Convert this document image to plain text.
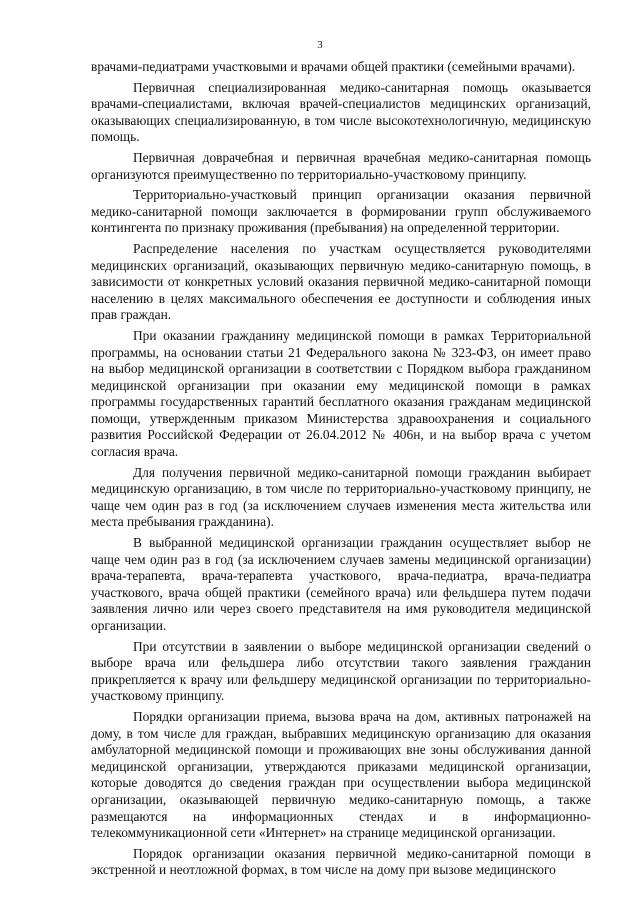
3

врачами-педиатрами участковыми и врачами общей практики (семейными врачами).

Первичная специализированная медико-санитарная помощь оказывается врачами-специалистами, включая врачей-специалистов медицинских организаций, оказывающих специализированную, в том числе высокотехнологичную, медицинскую помощь.

Первичная доврачебная и первичная врачебная медико-санитарная помощь организуются преимущественно по территориально-участковому принципу.

Территориально-участковый принцип организации оказания первичной медико-санитарной помощи заключается в формировании групп обслуживаемого контингента по признаку проживания (пребывания) на определенной территории.

Распределение населения по участкам осуществляется руководителями медицинских организаций, оказывающих первичную медико-санитарную помощь, в зависимости от конкретных условий оказания первичной медико-санитарной помощи населению в целях максимального обеспечения ее доступности и соблюдения иных прав граждан.

При оказании гражданину медицинской помощи в рамках Территориальной программы, на основании статьи 21 Федерального закона № 323-ФЗ, он имеет право на выбор медицинской организации в соответствии с Порядком выбора гражданином медицинской организации при оказании ему медицинской помощи в рамках программы государственных гарантий бесплатного оказания гражданам медицинской помощи, утвержденным приказом Министерства здравоохранения и социального развития Российской Федерации от 26.04.2012 № 406н, и на выбор врача с учетом согласия врача.

Для получения первичной медико-санитарной помощи гражданин выбирает медицинскую организацию, в том числе по территориально-участковому принципу, не чаще чем один раз в год (за исключением случаев изменения места жительства или места пребывания гражданина).

В выбранной медицинской организации гражданин осуществляет выбор не чаще чем один раз в год (за исключением случаев замены медицинской организации) врача-терапевта, врача-терапевта участкового, врача-педиатра, врача-педиатра участкового, врача общей практики (семейного врача) или фельдшера путем подачи заявления лично или через своего представителя на имя руководителя медицинской организации.

При отсутствии в заявлении о выборе медицинской организации сведений о выборе врача или фельдшера либо отсутствии такого заявления гражданин прикрепляется к врачу или фельдшеру медицинской организации по территориально-участковому принципу.

Порядки организации приема, вызова врача на дом, активных патронажей на дому, в том числе для граждан, выбравших медицинскую организацию для оказания амбулаторной медицинской помощи и проживающих вне зоны обслуживания данной медицинской организации, утверждаются приказами медицинской организации, которые доводятся до сведения граждан при осуществлении выбора медицинской организации, оказывающей первичную медико-санитарную помощь, а также размещаются на информационных стендах и в информационно-телекоммуникационной сети «Интернет» на странице медицинской организации.

Порядок организации оказания первичной медико-санитарной помощи в экстренной и неотложной формах, в том числе на дому при вызове медицинского
